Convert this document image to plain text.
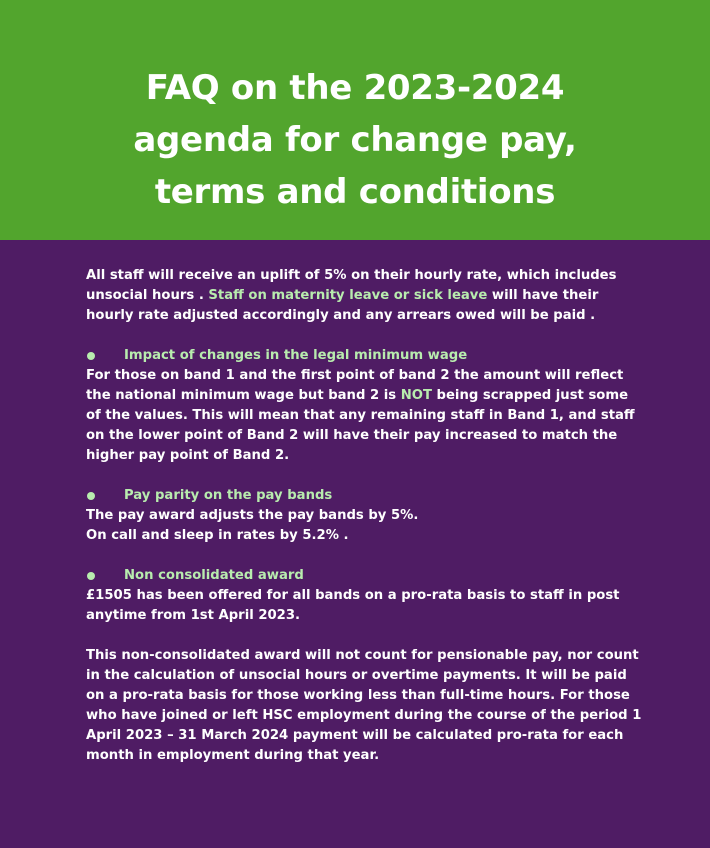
FAQ on the 2023-2024
agenda for change pay,
terms and conditions

All staff will receive an uplift of 5% on their hourly rate, which includes unsocial hours . Staff on maternity leave or sick leave will have their hourly rate adjusted accordingly and any arrears owed will be paid .

Impact of changes in the legal minimum wage

For those on band 1 and the first point of band 2 the amount will reflect the national minimum wage but band 2 is NOT being scrapped just some of the values. This will mean that any remaining staff in Band 1, and staff on the lower point of Band 2 will have their pay increased to match the higher pay point of Band 2.

Pay parity on the pay bands

The pay award adjusts the pay bands by 5%.

On call and sleep in rates by 5.2% .

Non consolidated award

£1505 has been offered for all bands on a pro-rata basis to staff in post anytime from 1st April 2023.

This non-consolidated award will not count for pensionable pay, nor count in the calculation of unsocial hours or overtime payments. It will be paid on a pro-rata basis for those working less than full-time hours. For those who have joined or left HSC employment during the course of the period 1 April 2023 – 31 March 2024 payment will be calculated pro-rata for each month in employment during that year.
